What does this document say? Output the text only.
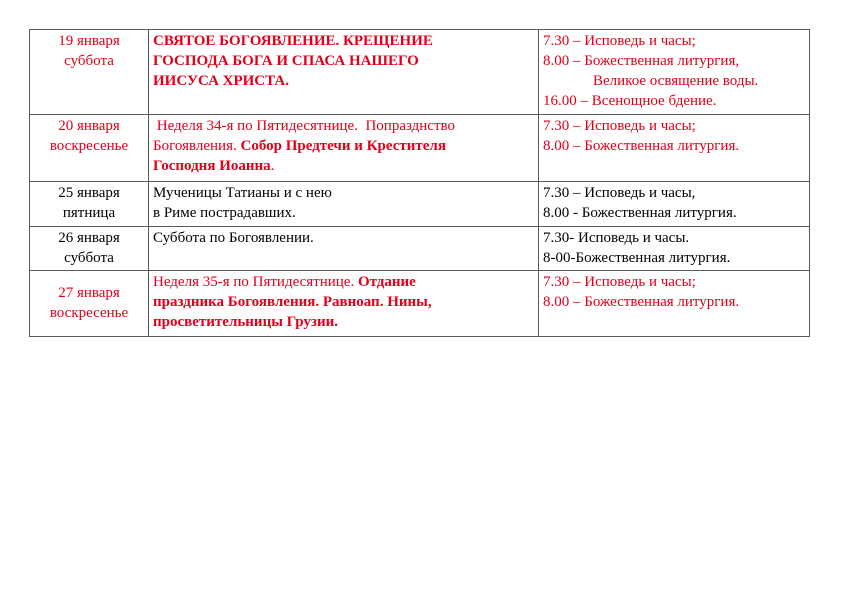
19 января
суббота	СВЯТОЕ БОГОЯВЛЕНИЕ. КРЕЩЕНИЕ
ГОСПОДА БОГА И СПАСА НАШЕГО
ИИСУСА ХРИСТА.	7.30 – Исповедь и часы;
8.00 – Божественная литургия,
Великое освящение воды.
16.00 – Всенощное бдение.

20 января
воскресенье	Неделя 34-я по Пятидесятнице.  Попразднство
Богоявления. Собор Предтечи и Крестителя
Господня Иоанна.	7.30 – Исповедь и часы;
8.00 – Божественная литургия.

25 января
пятница	Мученицы Татианы и с нею
в Риме пострадавших.	7.30 – Исповедь и часы,
8.00 - Божественная литургия.

26 января
суббота	Суббота по Богоявлении.	7.30- Исповедь и часы.
8-00-Божественная литургия.

27 января
воскресенье	Неделя 35-я по Пятидесятнице. Отдание
праздника Богоявления. Равноап. Нины,
просветительницы Грузии.	7.30 – Исповедь и часы;
8.00 – Божественная литургия.
